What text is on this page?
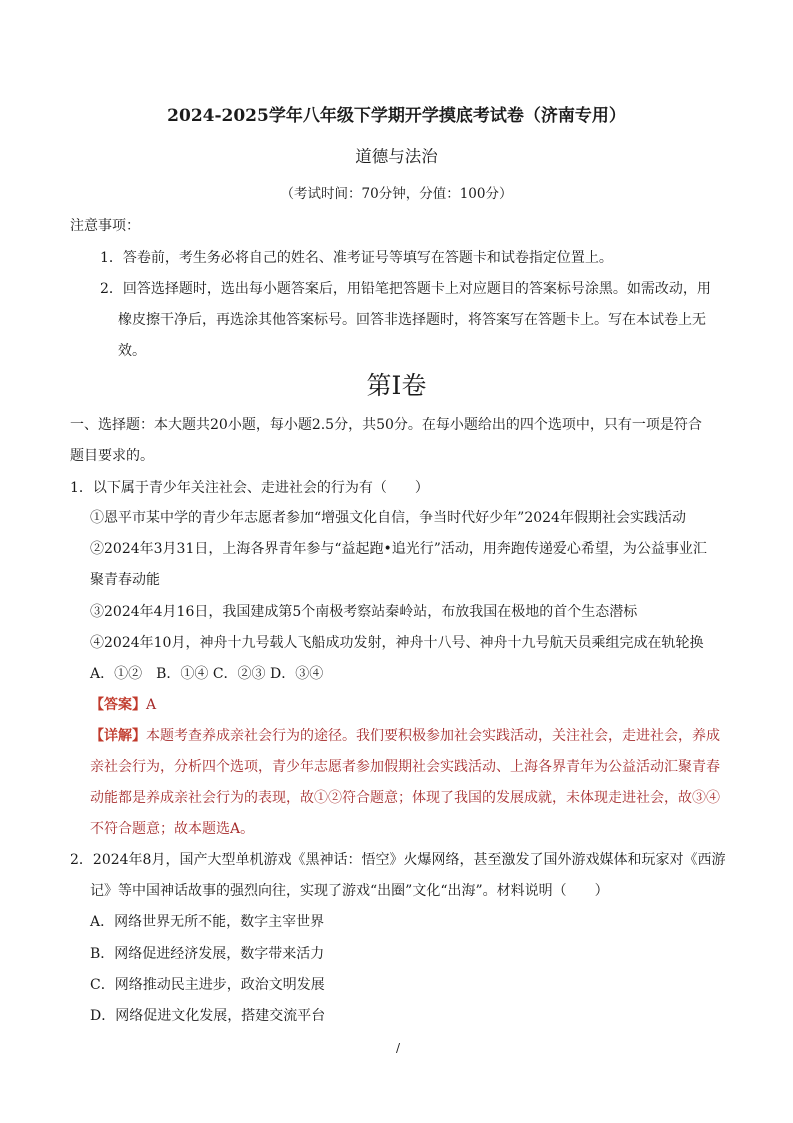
2024-2025学年八年级下学期开学摸底考试卷（济南专用）
道德与法治
（考试时间：70分钟，分值：100分）
注意事项：
1．答卷前，考生务必将自己的姓名、准考证号等填写在答题卡和试卷指定位置上。
2．回答选择题时，选出每小题答案后，用铅笔把答题卡上对应题目的答案标号涂黑。如需改动，用
橡皮擦干净后，再选涂其他答案标号。回答非选择题时，将答案写在答题卡上。写在本试卷上无
效。
第Ⅰ卷
一、选择题：本大题共20小题，每小题2.5分，共50分。在每小题给出的四个选项中，只有一项是符合
题目要求的。
1．以下属于青少年关注社会、走进社会的行为有（　　）
①恩平市某中学的青少年志愿者参加“增强文化自信，争当时代好少年”2024年假期社会实践活动
②2024年3月31日，上海各界青年参与“益起跑•追光行”活动，用奔跑传递爱心希望，为公益事业汇
聚青春动能
③2024年4月16日，我国建成第5个南极考察站秦岭站，布放我国在极地的首个生态潜标
④2024年10月，神舟十九号载人飞船成功发射，神舟十八号、神舟十九号航天员乘组完成在轨轮换
A．①②　B．①④ C．②③ D．③④
【答案】A
【详解】本题考查养成亲社会行为的途径。我们要积极参加社会实践活动，关注社会，走进社会，养成
亲社会行为，分析四个选项，青少年志愿者参加假期社会实践活动、上海各界青年为公益活动汇聚青春
动能都是养成亲社会行为的表现，故①②符合题意；体现了我国的发展成就，未体现走进社会，故③④
不符合题意；故本题选A。
2．2024年8月，国产大型单机游戏《黑神话：悟空》火爆网络，甚至激发了国外游戏媒体和玩家对《西游
记》等中国神话故事的强烈向往，实现了游戏“出圈”文化“出海”。材料说明（　　）
A．网络世界无所不能，数字主宰世界
B．网络促进经济发展，数字带来活力
C．网络推动民主进步，政治文明发展
D．网络促进文化发展，搭建交流平台
/
